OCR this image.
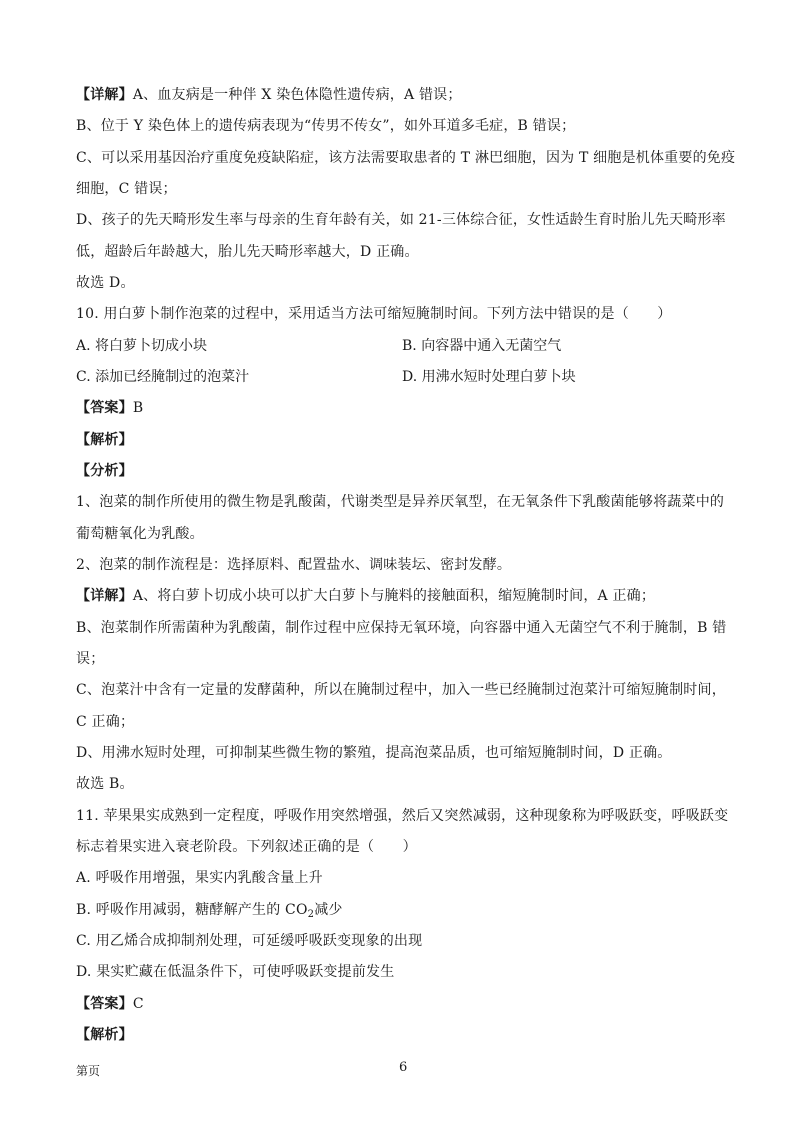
【详解】A、血友病是一种伴 X 染色体隐性遗传病，A 错误；
B、位于 Y 染色体上的遗传病表现为“传男不传女”，如外耳道多毛症，B 错误；
C、可以采用基因治疗重度免疫缺陷症，该方法需要取患者的 T 淋巴细胞，因为 T 细胞是机体重要的免疫
细胞，C 错误；
D、孩子的先天畸形发生率与母亲的生育年龄有关，如 21-三体综合征，女性适龄生育时胎儿先天畸形率
低，超龄后年龄越大，胎儿先天畸形率越大，D 正确。
故选 D。
10. 用白萝卜制作泡菜的过程中，采用适当方法可缩短腌制时间。下列方法中错误的是（　　）
A. 将白萝卜切成小块	B. 向容器中通入无菌空气
C. 添加已经腌制过的泡菜汁	D. 用沸水短时处理白萝卜块
【答案】B
【解析】
【分析】
1、泡菜的制作所使用的微生物是乳酸菌，代谢类型是异养厌氧型，在无氧条件下乳酸菌能够将蔬菜中的
葡萄糖氧化为乳酸。
2、泡菜的制作流程是：选择原料、配置盐水、调味装坛、密封发酵。
【详解】A、将白萝卜切成小块可以扩大白萝卜与腌料的接触面积，缩短腌制时间，A 正确；
B、泡菜制作所需菌种为乳酸菌，制作过程中应保持无氧环境，向容器中通入无菌空气不利于腌制，B 错
误；
C、泡菜汁中含有一定量的发酵菌种，所以在腌制过程中，加入一些已经腌制过泡菜汁可缩短腌制时间，
C 正确；
D、用沸水短时处理，可抑制某些微生物的繁殖，提高泡菜品质，也可缩短腌制时间，D 正确。
故选 B。
11. 苹果果实成熟到一定程度，呼吸作用突然增强，然后又突然减弱，这种现象称为呼吸跃变，呼吸跃变
标志着果实进入衰老阶段。下列叙述正确的是（　　）
A. 呼吸作用增强，果实内乳酸含量上升
B. 呼吸作用减弱，糖酵解产生的 $CO_2$减少
C. 用乙烯合成抑制剂处理，可延缓呼吸跃变现象的出现
D. 果实贮藏在低温条件下，可使呼吸跃变提前发生
【答案】C
【解析】
第页	6
